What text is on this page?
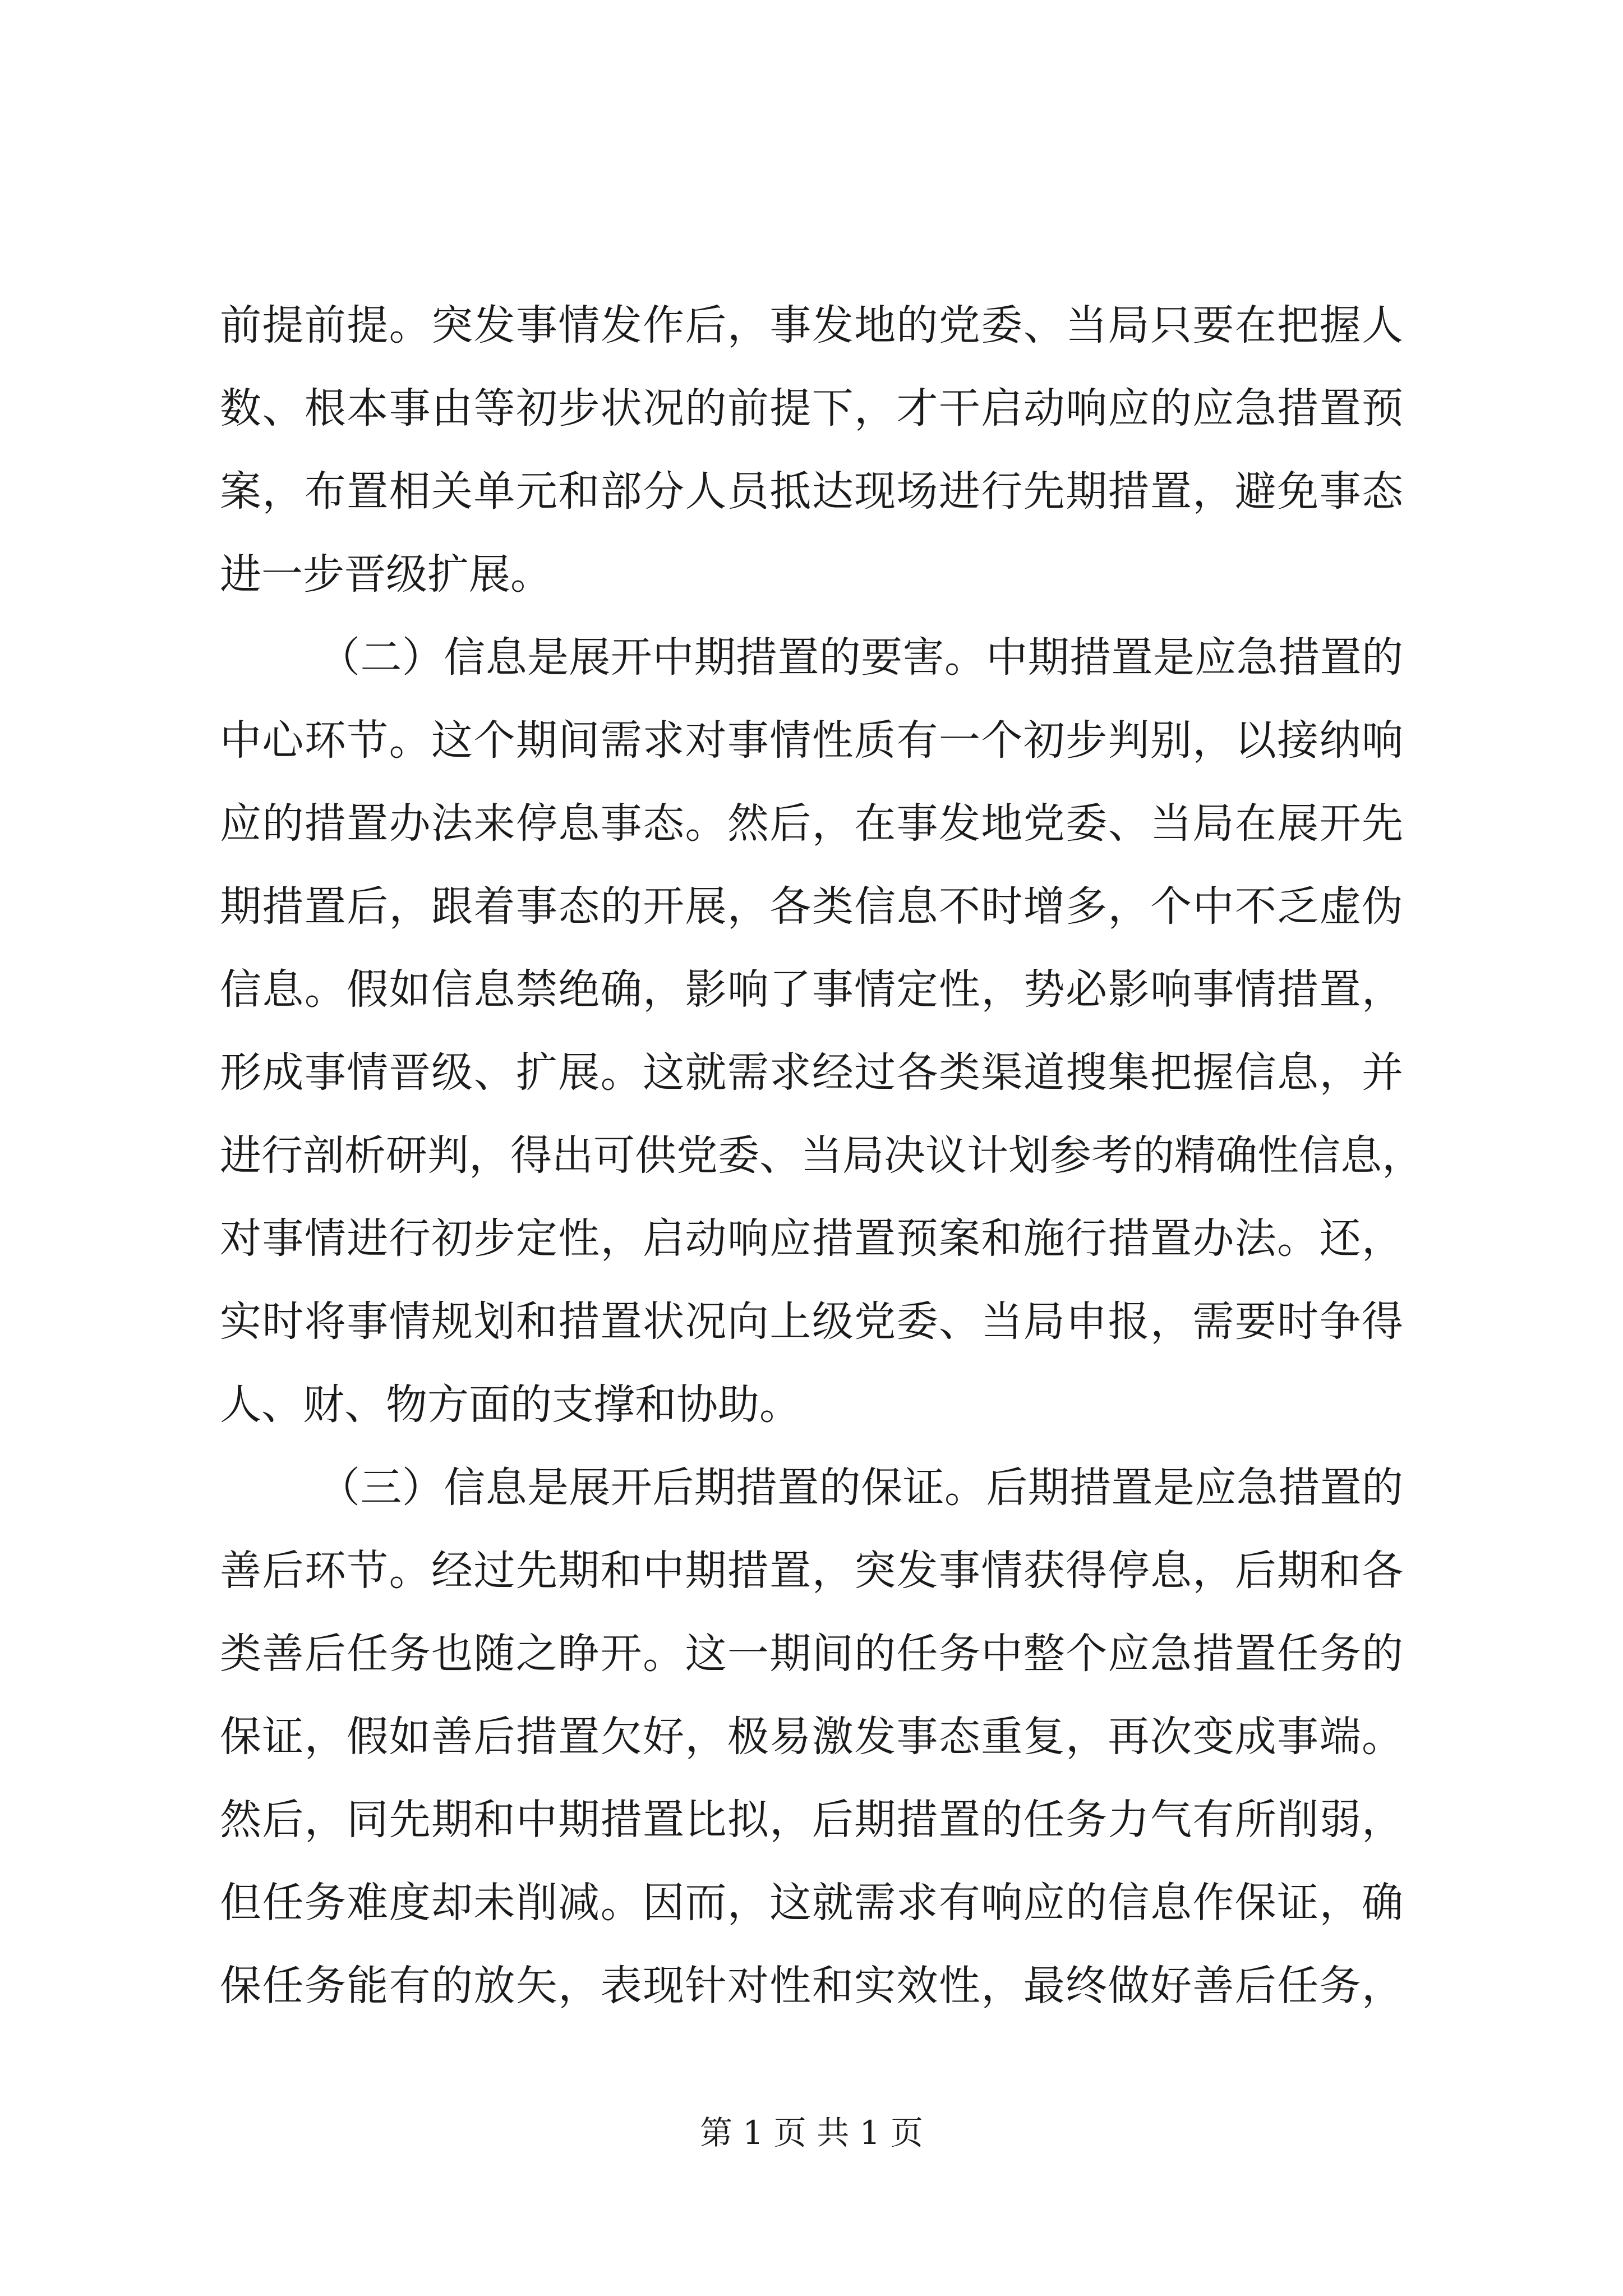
前提前提。突发事情发作后，事发地的党委、当局只要在把握人
数、根本事由等初步状况的前提下，才干启动响应的应急措置预
案，布置相关单元和部分人员抵达现场进行先期措置，避免事态
进一步晋级扩展。
（二）信息是展开中期措置的要害。中期措置是应急措置的
中心环节。这个期间需求对事情性质有一个初步判别，以接纳响
应的措置办法来停息事态。然后，在事发地党委、当局在展开先
期措置后，跟着事态的开展，各类信息不时增多，个中不乏虚伪
信息。假如信息禁绝确，影响了事情定性，势必影响事情措置，
形成事情晋级、扩展。这就需求经过各类渠道搜集把握信息，并
进行剖析研判，得出可供党委、当局决议计划参考的精确性信息，
对事情进行初步定性，启动响应措置预案和施行措置办法。还，
实时将事情规划和措置状况向上级党委、当局申报，需要时争得
人、财、物方面的支撑和协助。
（三）信息是展开后期措置的保证。后期措置是应急措置的
善后环节。经过先期和中期措置，突发事情获得停息，后期和各
类善后任务也随之睁开。这一期间的任务中整个应急措置任务的
保证，假如善后措置欠好，极易激发事态重复，再次变成事端。
然后，同先期和中期措置比拟，后期措置的任务力气有所削弱，
但任务难度却未削减。因而，这就需求有响应的信息作保证，确
保任务能有的放矢，表现针对性和实效性，最终做好善后任务，
第 1 页 共 1 页
